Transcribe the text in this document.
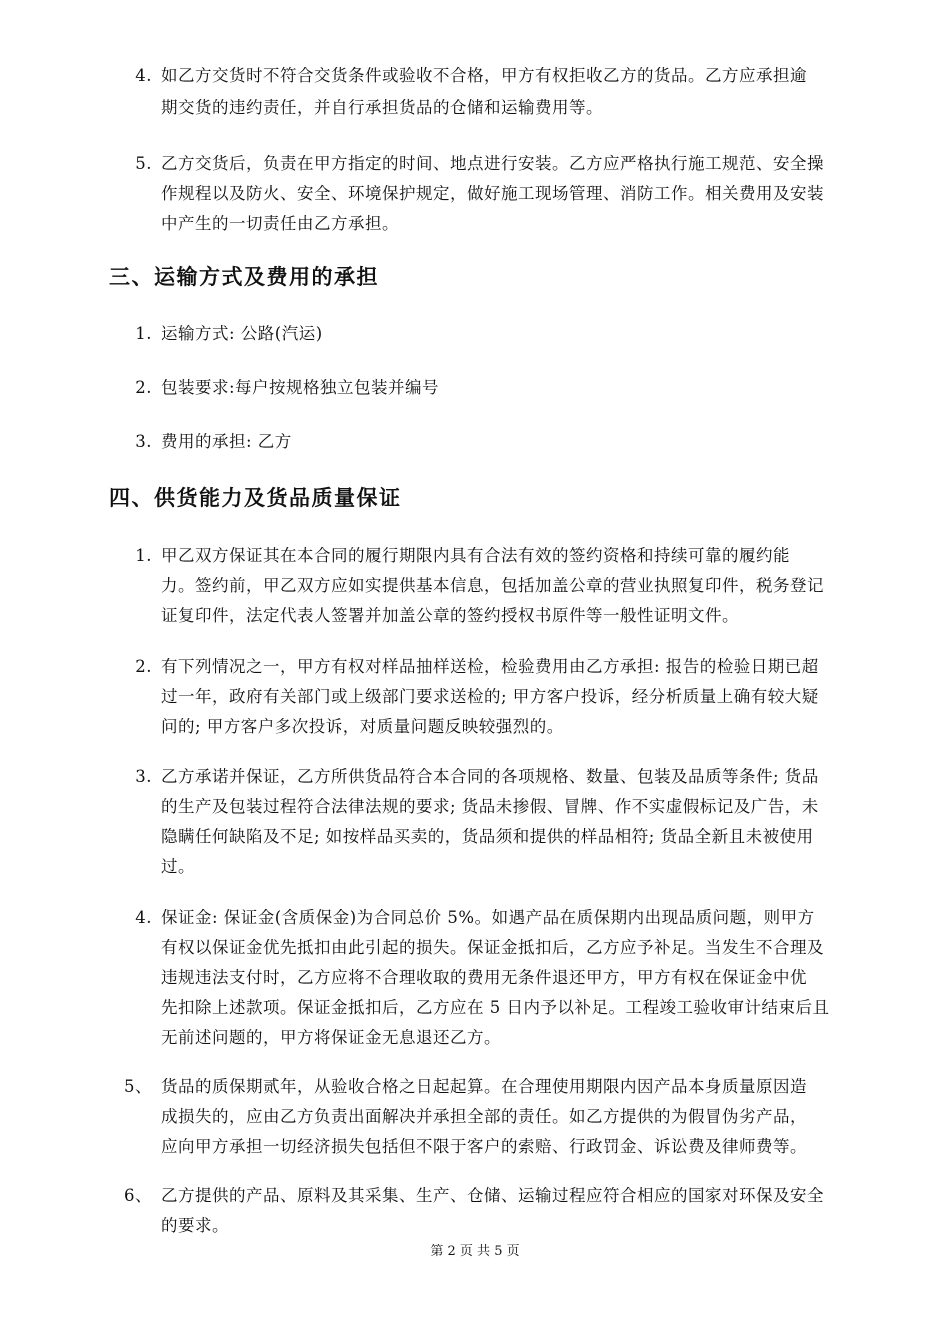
4. 如乙方交货时不符合交货条件或验收不合格，甲方有权拒收乙方的货品。乙方应承担逾
期交货的违约责任，并自行承担货品的仓储和运输费用等。
5. 乙方交货后，负责在甲方指定的时间、地点进行安装。乙方应严格执行施工规范、安全操
作规程以及防火、安全、环境保护规定，做好施工现场管理、消防工作。相关费用及安装
中产生的一切责任由乙方承担。
三、运输方式及费用的承担
1. 运输方式: 公路(汽运)
2. 包装要求:每户按规格独立包装并编号
3. 费用的承担: 乙方
四、供货能力及货品质量保证
1. 甲乙双方保证其在本合同的履行期限内具有合法有效的签约资格和持续可靠的履约能
力。签约前，甲乙双方应如实提供基本信息，包括加盖公章的营业执照复印件，税务登记
证复印件，法定代表人签署并加盖公章的签约授权书原件等一般性证明文件。
2. 有下列情况之一，甲方有权对样品抽样送检，检验费用由乙方承担: 报告的检验日期已超
过一年，政府有关部门或上级部门要求送检的; 甲方客户投诉，经分析质量上确有较大疑
问的; 甲方客户多次投诉，对质量问题反映较强烈的。
3. 乙方承诺并保证，乙方所供货品符合本合同的各项规格、数量、包装及品质等条件; 货品
的生产及包装过程符合法律法规的要求; 货品未掺假、冒牌、作不实虚假标记及广告，未
隐瞒任何缺陷及不足; 如按样品买卖的，货品须和提供的样品相符; 货品全新且未被使用
过。
4. 保证金: 保证金(含质保金)为合同总价 5%。如遇产品在质保期内出现品质问题，则甲方
有权以保证金优先抵扣由此引起的损失。保证金抵扣后，乙方应予补足。当发生不合理及
违规违法支付时，乙方应将不合理收取的费用无条件退还甲方，甲方有权在保证金中优
先扣除上述款项。保证金抵扣后，乙方应在 5 日内予以补足。工程竣工验收审计结束后且
无前述问题的，甲方将保证金无息退还乙方。
5、 货品的质保期贰年，从验收合格之日起起算。在合理使用期限内因产品本身质量原因造
成损失的，应由乙方负责出面解决并承担全部的责任。如乙方提供的为假冒伪劣产品，
应向甲方承担一切经济损失包括但不限于客户的索赔、行政罚金、诉讼费及律师费等。
6、 乙方提供的产品、原料及其采集、生产、仓储、运输过程应符合相应的国家对环保及安全
的要求。
第 2 页 共 5 页
